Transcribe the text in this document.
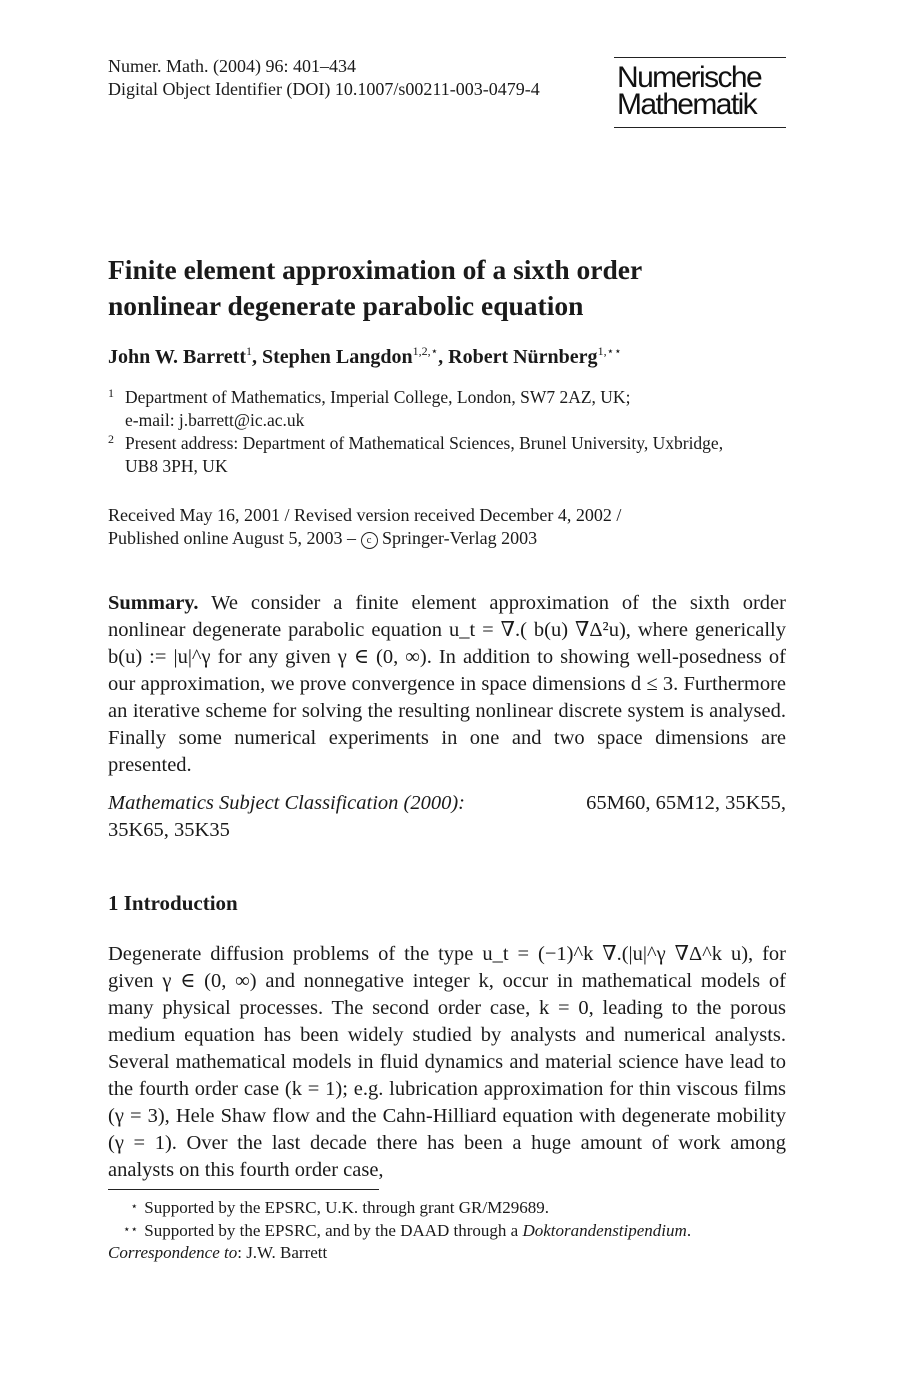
Numer. Math. (2004) 96: 401–434
Digital Object Identifier (DOI) 10.1007/s00211-003-0479-4	Numerische
Mathematik
Finite element approximation of a sixth order
nonlinear degenerate parabolic equation
John W. Barrett$^1$, Stephen Langdon$^{1,2,⋆}$, Robert Nürnberg$^{1,⋆⋆}$
1 Department of Mathematics, Imperial College, London, SW7 2AZ, UK;
e-mail: j.barrett@ic.ac.uk
2 Present address: Department of Mathematical Sciences, Brunel University, Uxbridge,
UB8 3PH, UK
Received May 16, 2001 / Revised version received December 4, 2002 /
Published online August 5, 2003 – c Springer-Verlag 2003
Summary. We consider a finite element approximation of the sixth order nonlinear degenerate parabolic equation u_t = ∇.( b(u) ∇Δ²u), where generically b(u) := |u|^γ for any given γ ∈ (0, ∞). In addition to showing well-posedness of our approximation, we prove convergence in space dimensions d ≤ 3. Furthermore an iterative scheme for solving the resulting nonlinear discrete system is analysed. Finally some numerical experiments in one and two space dimensions are presented.
Mathematics Subject Classification (2000):	65M60, 65M12, 35K55,
35K65, 35K35
1 Introduction
Degenerate diffusion problems of the type u_t = (−1)^k ∇.(|u|^γ ∇Δ^k u), for given γ ∈ (0, ∞) and nonnegative integer k, occur in mathematical models of many physical processes. The second order case, k = 0, leading to the porous medium equation has been widely studied by analysts and numerical analysts. Several mathematical models in fluid dynamics and material science have lead to the fourth order case (k = 1); e.g. lubrication approximation for thin viscous films (γ = 3), Hele Shaw flow and the Cahn-Hilliard equation with degenerate mobility (γ = 1). Over the last decade there has been a huge amount of work among analysts on this fourth order case,
⋆ Supported by the EPSRC, U.K. through grant GR/M29689.
⋆⋆ Supported by the EPSRC, and by the DAAD through a Doktorandenstipendium.
Correspondence to: J.W. Barrett
